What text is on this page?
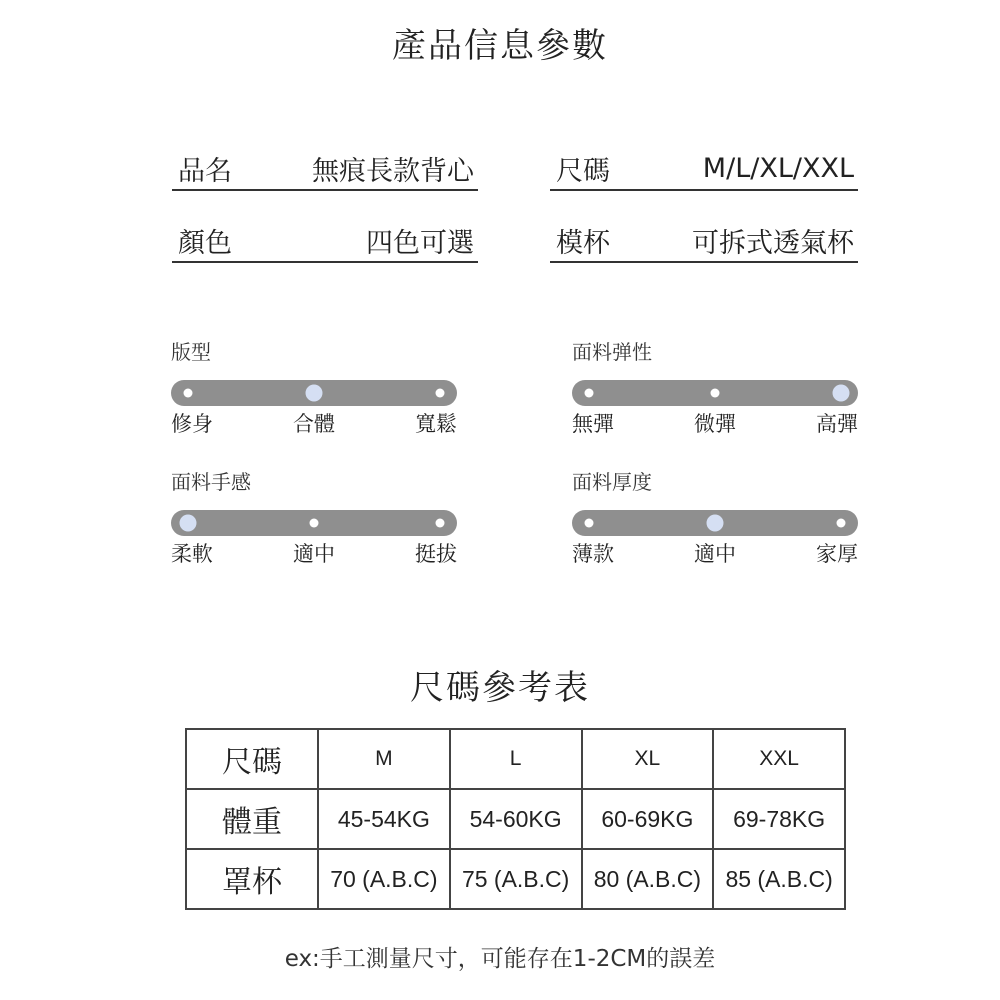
產品信息參數
品名	無痕長款背心	尺碼	M/L/XL/XXL
顏色	四色可選	模杯	可拆式透氣杯
版型
修身	合體	寬鬆
面料弹性
無彈	微彈	高彈
面料手感
柔軟	適中	挺拔
面料厚度
薄款	適中	家厚
尺碼參考表
尺碼	M	L	XL	XXL
體重	45-54KG	54-60KG	60-69KG	69-78KG
罩杯	70 (A.B.C)	75 (A.B.C)	80 (A.B.C)	85 (A.B.C)
ex:手工測量尺寸，可能存在1-2CM的誤差
